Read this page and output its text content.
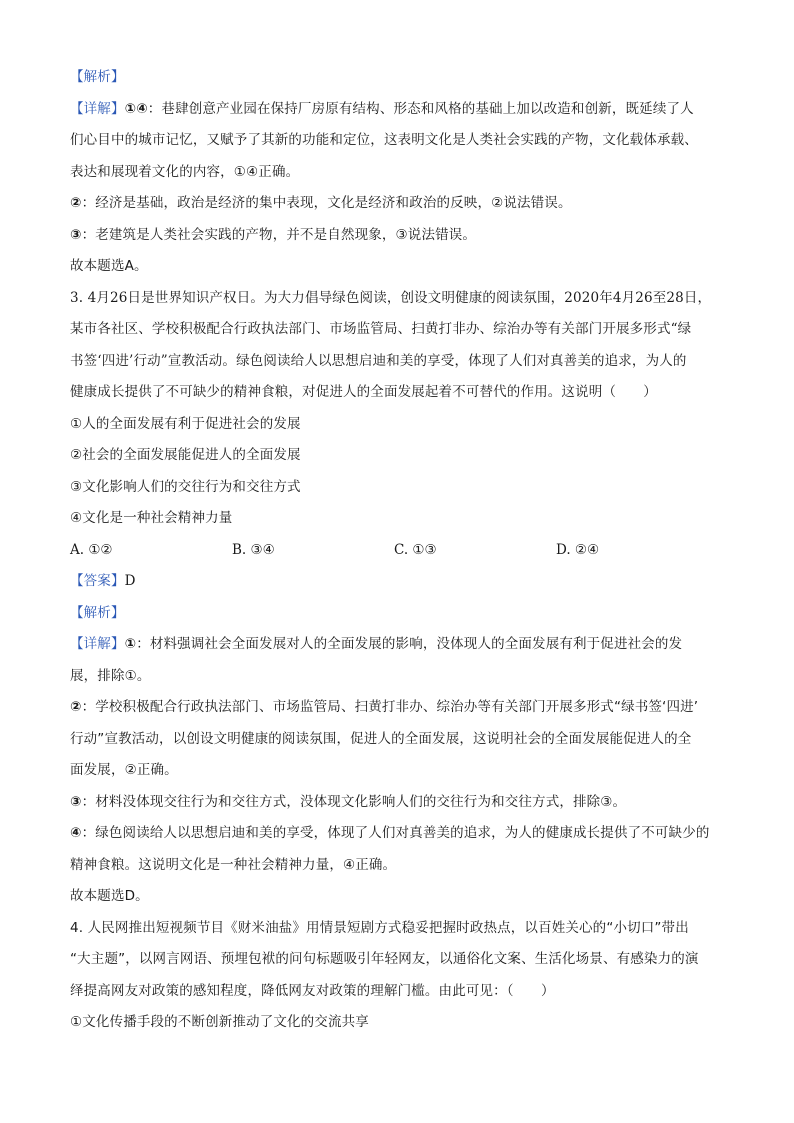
【解析】
【详解】①④：巷肆创意产业园在保持厂房原有结构、形态和风格的基础上加以改造和创新，既延续了人
们心目中的城市记忆，又赋予了其新的功能和定位，这表明文化是人类社会实践的产物，文化载体承载、
表达和展现着文化的内容，①④正确。
②：经济是基础，政治是经济的集中表现，文化是经济和政治的反映，②说法错误。
③：老建筑是人类社会实践的产物，并不是自然现象，③说法错误。
故本题选A。
3. 4月26日是世界知识产权日。为大力倡导绿色阅读，创设文明健康的阅读氛围，2020年4月26至28日，
某市各社区、学校积极配合行政执法部门、市场监管局、扫黄打非办、综治办等有关部门开展多形式“绿
书签‘四进’行动”宣教活动。绿色阅读给人以思想启迪和美的享受，体现了人们对真善美的追求，为人的
健康成长提供了不可缺少的精神食粮，对促进人的全面发展起着不可替代的作用。这说明（　　）
①人的全面发展有利于促进社会的发展
②社会的全面发展能促进人的全面发展
③文化影响人们的交往行为和交往方式
④文化是一种社会精神力量
A. ①②	B. ③④	C. ①③	D. ②④
【答案】D
【解析】
【详解】①：材料强调社会全面发展对人的全面发展的影响，没体现人的全面发展有利于促进社会的发
展，排除①。
②：学校积极配合行政执法部门、市场监管局、扫黄打非办、综治办等有关部门开展多形式“绿书签‘四进’
行动”宣教活动，以创设文明健康的阅读氛围，促进人的全面发展，这说明社会的全面发展能促进人的全
面发展，②正确。
③：材料没体现交往行为和交往方式，没体现文化影响人们的交往行为和交往方式，排除③。
④：绿色阅读给人以思想启迪和美的享受，体现了人们对真善美的追求，为人的健康成长提供了不可缺少的
精神食粮。这说明文化是一种社会精神力量，④正确。
故本题选D。
4. 人民网推出短视频节目《财米油盐》用情景短剧方式稳妥把握时政热点，以百姓关心的“小切口”带出
“大主题”，以网言网语、预埋包袱的问句标题吸引年轻网友，以通俗化文案、生活化场景、有感染力的演
绎提高网友对政策的感知程度，降低网友对政策的理解门槛。由此可见：（　　）
①文化传播手段的不断创新推动了文化的交流共享
